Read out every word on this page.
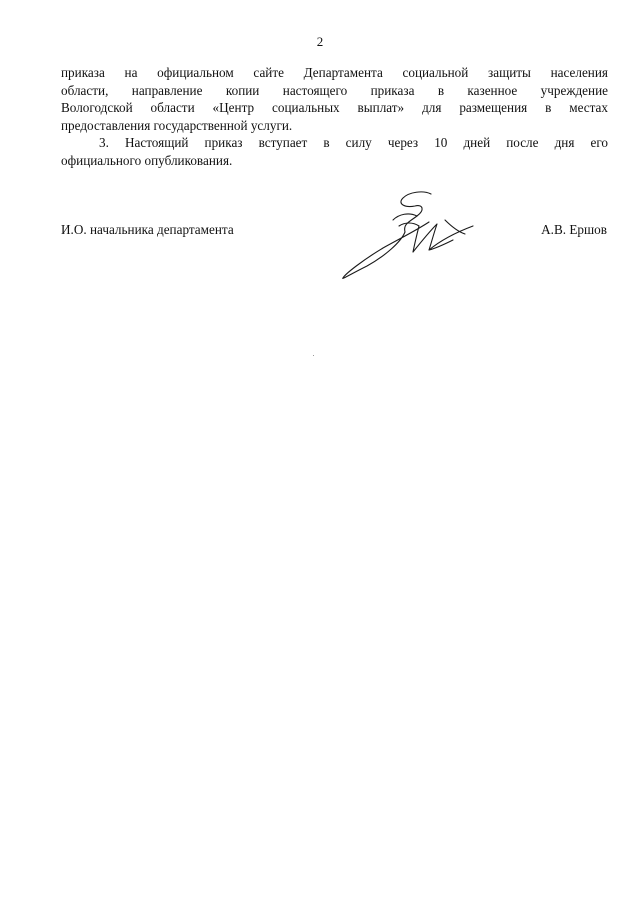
2

приказа на официальном сайте Департамента социальной защиты населения
области, направление копии настоящего приказа в казенное учреждение
Вологодской области «Центр социальных выплат» для размещения в местах
предоставления государственной услуги.

3. Настоящий приказ вступает в силу через 10 дней после дня его
официального опубликования.

И.О. начальника департамента	А.В. Ершов
